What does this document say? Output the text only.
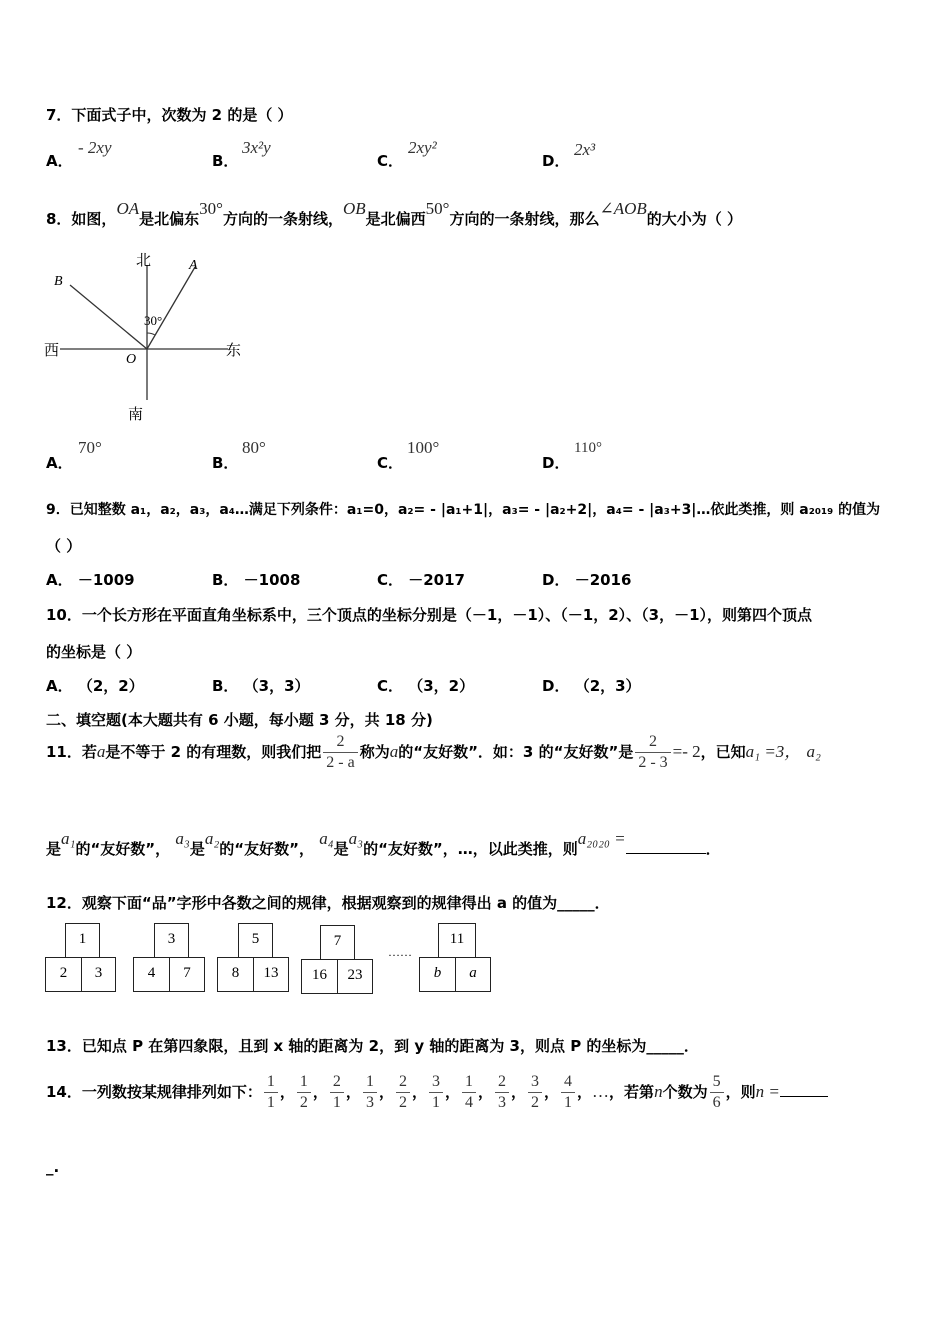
7．下面式子中，次数为 2 的是（ ）
A．
- 2xy
B．
3x²y
C．
2xy²
D．
2x³
8．如图，OA是北偏东30°方向的一条射线，OB是北偏西50°方向的一条射线，那么∠AOB的大小为（ ）
北
南
西	东
A
B
O
30°
A．
70°
B．
80°
C．
100°
D．
110°
9．已知整数 a₁，a₂，a₃，a₄…满足下列条件：a₁=0，a₂= - |a₁+1|，a₃= - |a₂+2|，a₄= - |a₃+3|…依此类推，则 a₂₀₁₉ 的值为
（ ）
A． －1009	B． －1008	C． －2017	D． －2016
10．一个长方形在平面直角坐标系中，三个顶点的坐标分别是（－1，－1）、（－1，2）、（3，－1），则第四个顶点
的坐标是（ ）
A． （2，2）	B． （3，3）	C． （3，2）	D． （2，3）
二、填空题(本大题共有 6 小题，每小题 3 分，共 18 分)
11．若a是不等于 2 的有理数，则我们把 $\frac{2}{2 - a}$ 称为a的“友好数”．如：3 的“友好数”是 $\frac{2}{2 - 3} =- 2$，已知a₁ =3， a₂
是a₁的“友好数”， a₃是a₂的“友好数”， a₄是a₃的“友好数”，…，以此类推，则a₂₀₂₀ =．
12．观察下面“品”字形中各数之间的规律，根据观察到的规律得出 a 的值为_____．
1
2	3
3
4	7
5
8	13
7
16	23
……
11
b	a
13．已知点 P 在第四象限，且到 x 轴的距离为 2，到 y 轴的距离为 3，则点 P 的坐标为_____．
14．一列数按某规律排列如下： $\frac{1}{1}$ ， $\frac{1}{2}$ ， $\frac{2}{1}$ ， $\frac{1}{3}$ ， $\frac{2}{2}$ ， $\frac{3}{1}$ ， $\frac{1}{4}$ ， $\frac{2}{3}$ ， $\frac{3}{2}$ ， $\frac{4}{1}$ ，…，若第n个数为 $\frac{5}{6}$ ，则n =
_.
